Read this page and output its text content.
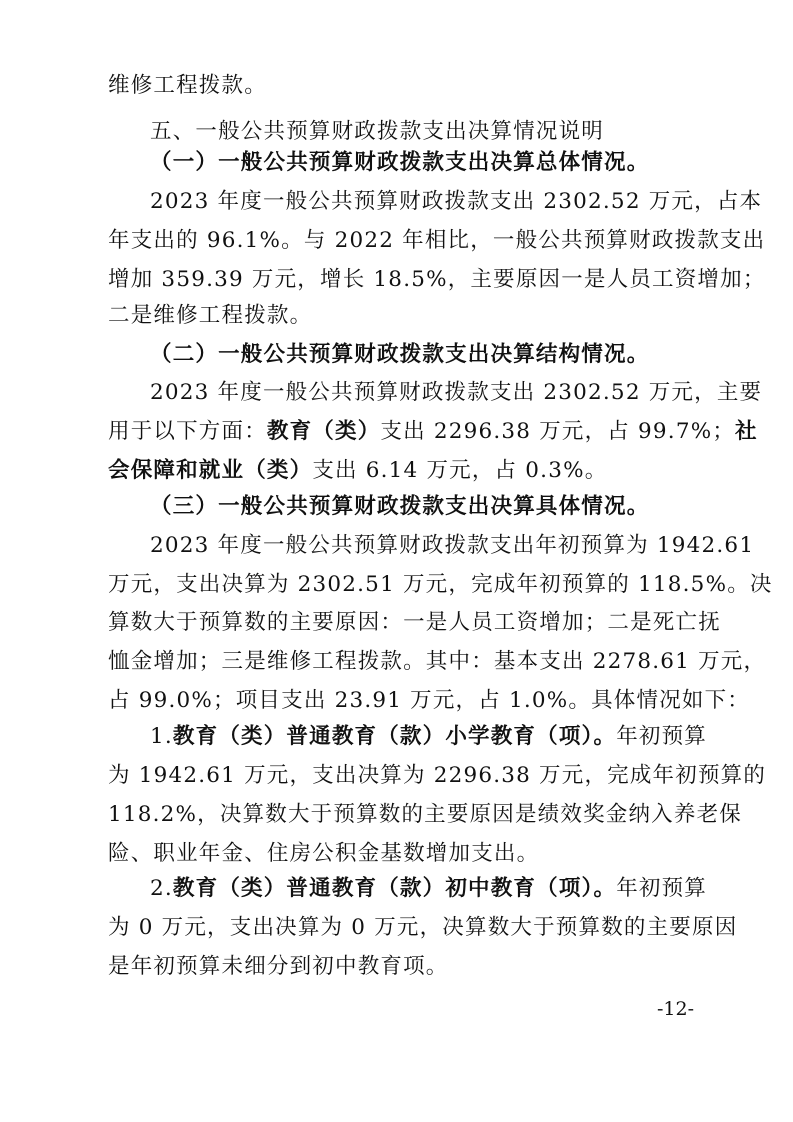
维修工程拨款。
五、一般公共预算财政拨款支出决算情况说明
（一）一般公共预算财政拨款支出决算总体情况。
2023 年度一般公共预算财政拨款支出 2302.52 万元，占本
年支出的 96.1%。与 2022 年相比，一般公共预算财政拨款支出
增加 359.39 万元，增长 18.5%，主要原因一是人员工资增加；
二是维修工程拨款。
（二）一般公共预算财政拨款支出决算结构情况。
2023 年度一般公共预算财政拨款支出 2302.52 万元，主要
用于以下方面：教育（类）支出 2296.38 万元，占 99.7%；社
会保障和就业（类）支出 6.14 万元，占 0.3%。
（三）一般公共预算财政拨款支出决算具体情况。
2023 年度一般公共预算财政拨款支出年初预算为 1942.61
万元，支出决算为 2302.51 万元，完成年初预算的 118.5%。决
算数大于预算数的主要原因：一是人员工资增加；二是死亡抚
恤金增加；三是维修工程拨款。其中：基本支出 2278.61 万元，
占 99.0%；项目支出 23.91 万元，占 1.0%。具体情况如下：
1.教育（类）普通教育（款）小学教育（项）。年初预算
为 1942.61 万元，支出决算为 2296.38 万元，完成年初预算的
118.2%，决算数大于预算数的主要原因是绩效奖金纳入养老保
险、职业年金、住房公积金基数增加支出。
2.教育（类）普通教育（款）初中教育（项）。年初预算
为 0 万元，支出决算为 0 万元，决算数大于预算数的主要原因
是年初预算未细分到初中教育项。
-12-
